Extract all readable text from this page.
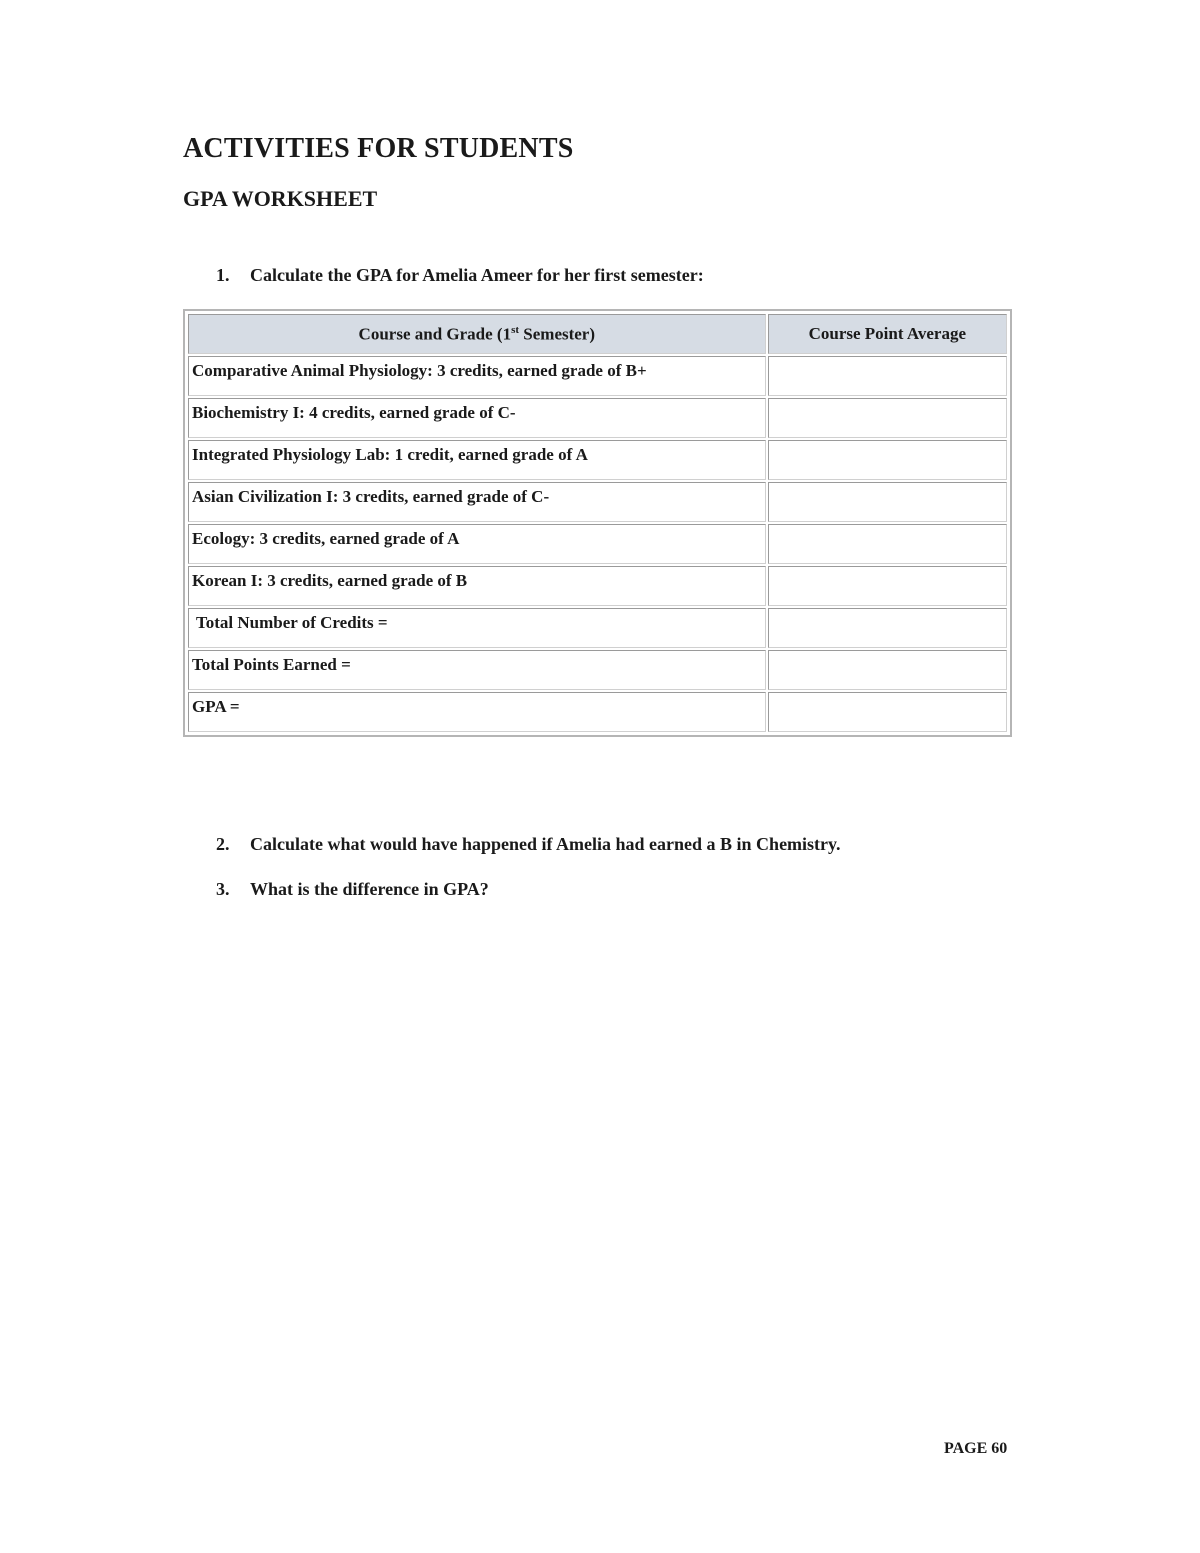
ACTIVITIES FOR STUDENTS
GPA WORKSHEET
1.	Calculate the GPA for Amelia Ameer for her first semester:
Course and Grade (1st Semester)	Course Point Average
Comparative Animal Physiology: 3 credits, earned grade of B+	
Biochemistry I: 4 credits, earned grade of C-	
Integrated Physiology Lab: 1 credit, earned grade of A	
Asian Civilization I: 3 credits, earned grade of C-	
Ecology: 3 credits, earned grade of A	
Korean I: 3 credits, earned grade of B	
Total Number of Credits =	
Total Points Earned =	
GPA =	
2.	Calculate what would have happened if Amelia had earned a B in Chemistry.
3.	What is the difference in GPA?
PAGE 60
